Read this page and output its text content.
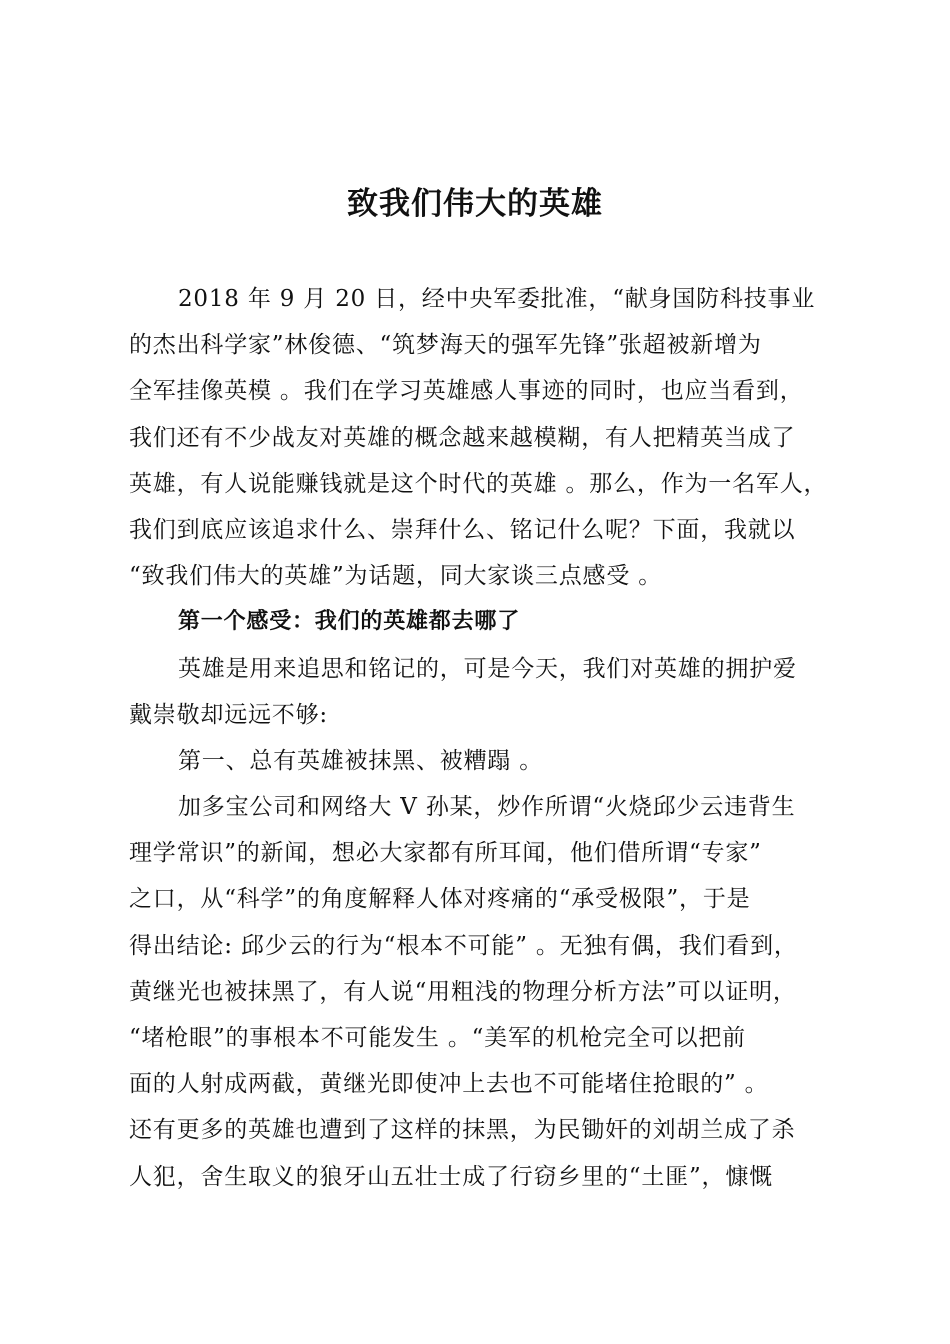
致我们伟大的英雄
2018 年 9 月 20 日，经中央军委批准，“献身国防科技事业
的杰出科学家”林俊德、“筑梦海天的强军先锋”张超被新增为
全军挂像英模 。我们在学习英雄感人事迹的同时，也应当看到，
我们还有不少战友对英雄的概念越来越模糊，有人把精英当成了
英雄，有人说能赚钱就是这个时代的英雄 。那么，作为一名军人，
我们到底应该追求什么、崇拜什么、铭记什么呢？下面，我就以
“致我们伟大的英雄”为话题，同大家谈三点感受 。
第一个感受：我们的英雄都去哪了
英雄是用来追思和铭记的，可是今天，我们对英雄的拥护爱
戴崇敬却远远不够:
第一、总有英雄被抹黑、被糟蹋 。
加多宝公司和网络大 V 孙某，炒作所谓“火烧邱少云违背生
理学常识”的新闻，想必大家都有所耳闻，他们借所谓“专家”
之口，从“科学”的角度解释人体对疼痛的“承受极限”，于是
得出结论: 邱少云的行为“根本不可能” 。无独有偶，我们看到，
黄继光也被抹黑了，有人说“用粗浅的物理分析方法”可以证明，
“堵枪眼”的事根本不可能发生 。“美军的机枪完全可以把前
面的人射成两截，黄继光即使冲上去也不可能堵住抢眼的” 。
还有更多的英雄也遭到了这样的抹黑，为民锄奸的刘胡兰成了杀
人犯，舍生取义的狼牙山五壮士成了行窃乡里的“土匪”，慷慨
